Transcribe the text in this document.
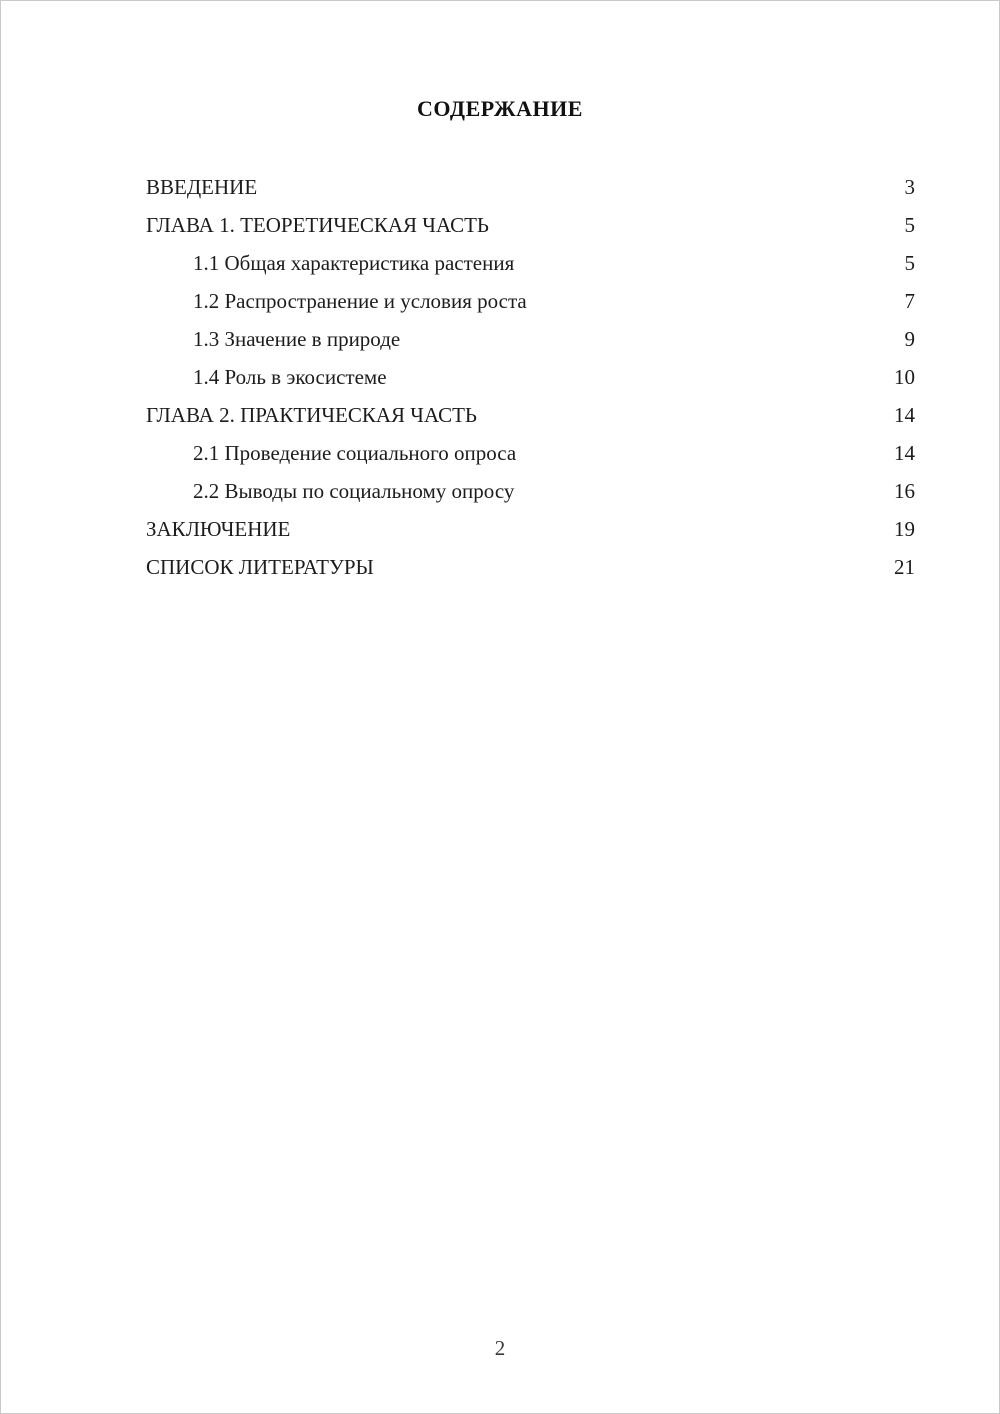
СОДЕРЖАНИЕ
ВВЕДЕНИЕ	3
ГЛАВА 1. ТЕОРЕТИЧЕСКАЯ ЧАСТЬ	5
1.1 Общая характеристика растения	5
1.2 Распространение и условия роста	7
1.3 Значение в природе	9
1.4 Роль в экосистеме	10
ГЛАВА 2. ПРАКТИЧЕСКАЯ ЧАСТЬ	14
2.1 Проведение социального опроса	14
2.2 Выводы по социальному опросу	16
ЗАКЛЮЧЕНИЕ	19
СПИСОК ЛИТЕРАТУРЫ	21
2
